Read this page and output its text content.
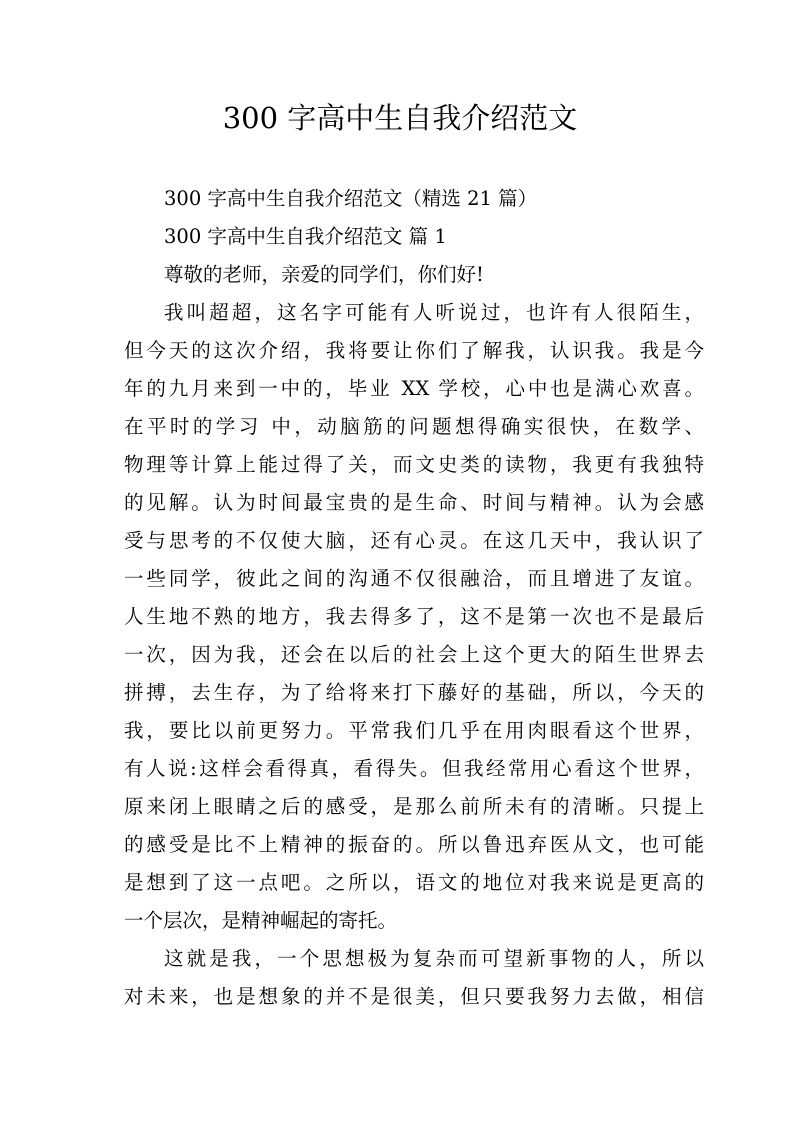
300 字高中生自我介绍范文
300 字高中生自我介绍范文（精选 21 篇）
300 字高中生自我介绍范文 篇 1
尊敬的老师，亲爱的同学们，你们好!
我叫超超，这名字可能有人听说过，也许有人很陌生，
但今天的这次介绍，我将要让你们了解我，认识我。我是今
年的九月来到一中的，毕业 XX 学校，心中也是满心欢喜。
在平时的学习 中，动脑筋的问题想得确实很快，在数学、
物理等计算上能过得了关，而文史类的读物，我更有我独特
的见解。认为时间最宝贵的是生命、时间与精神。认为会感
受与思考的不仅使大脑，还有心灵。在这几天中，我认识了
一些同学，彼此之间的沟通不仅很融洽，而且增进了友谊。
人生地不熟的地方，我去得多了，这不是第一次也不是最后
一次，因为我，还会在以后的社会上这个更大的陌生世界去
拼搏，去生存，为了给将来打下藤好的基础，所以，今天的
我，要比以前更努力。平常我们几乎在用肉眼看这个世界，
有人说:这样会看得真，看得失。但我经常用心看这个世界，
原来闭上眼睛之后的感受，是那么前所未有的清晰。只提上
的感受是比不上精神的振奋的。所以鲁迅弃医从文，也可能
是想到了这一点吧。之所以，语文的地位对我来说是更高的
一个层次，是精神崛起的寄托。
这就是我，一个思想极为复杂而可望新事物的人，所以
对未来，也是想象的并不是很美，但只要我努力去做，相信
